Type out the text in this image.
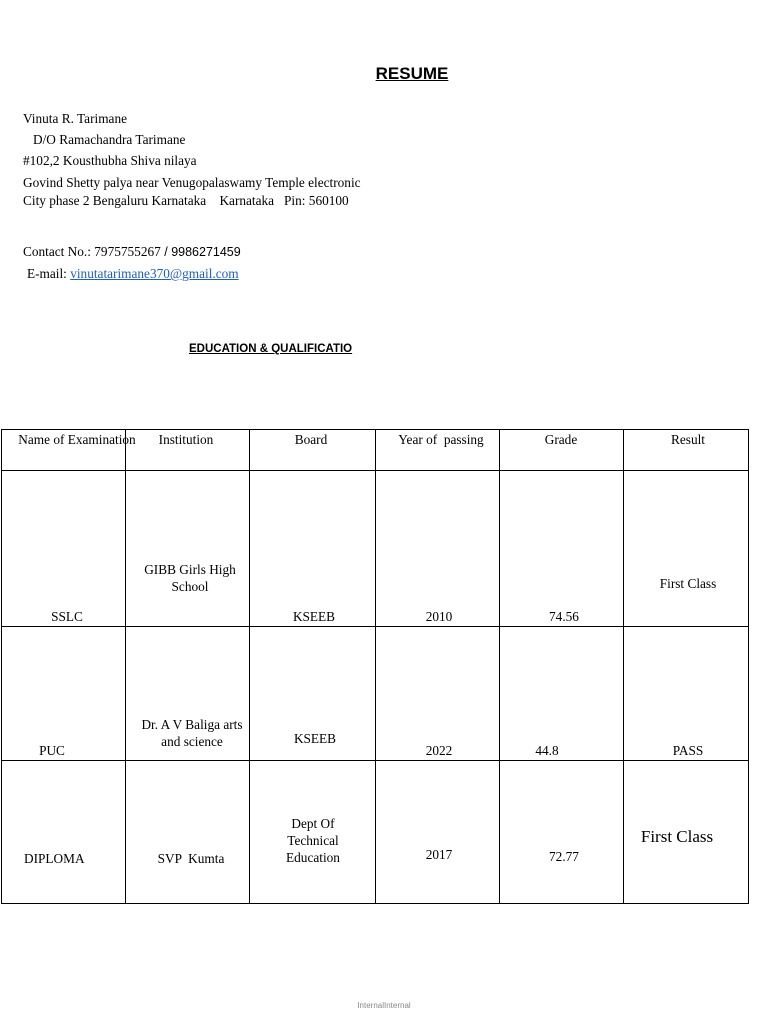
RESUME
Vinuta R. Tarimane
D/O Ramachandra Tarimane
#102,2 Kousthubha Shiva nilaya
Govind Shetty palya near Venugopalaswamy Temple electronic
City phase 2 Bengaluru Karnataka    Karnataka   Pin: 560100
Contact No.: 7975755267 / 9986271459
E-mail: vinutatarimane370@gmail.com
EDUCATION & QUALIFICATIO
Name of Examination	Institution	Board	Year of  passing	Grade	Result

SSLC	GIBB Girls High School	KSEEB	2010	74.56	First Class

PUC	Dr. A V Baliga arts and science	KSEEB	2022	44.8	PASS

DIPLOMA	SVP  Kumta	Dept Of Technical Education	2017	72.77	First Class
InternalInternal
